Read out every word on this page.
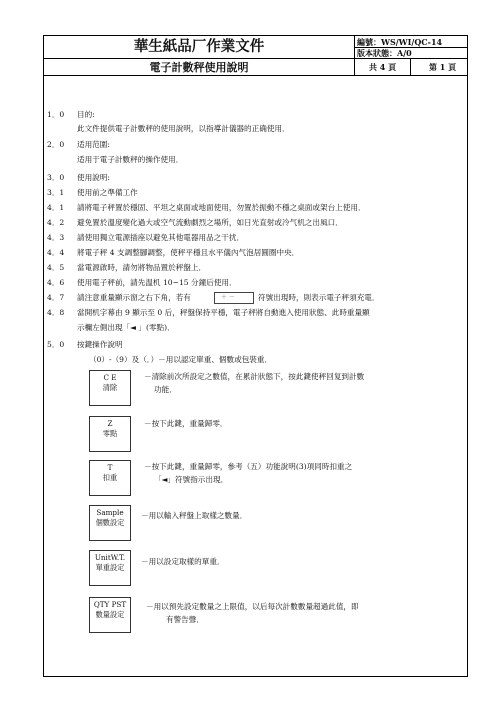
華生紙品厂作業文件
電子計數秤使用說明
編號：WS/WI/QC-14
版本狀態：A/0
共 4 頁	第 1 頁
1．0 目的:
此文件提供電子計數秤的使用說明，以指導計儀器的正确使用．
2．0 适用范圍:
适用于電子計數秤的操作使用．
3．0 使用說明:
3．1 使用前之準備工作
4．1 請將電子秤置於穩固、平坦之桌面或地面使用，勿置於振動不穩之桌面或架台上使用．
4．2 避免置於溫度變化過大或空气流動劇烈之場所，如日光直射或冷气机之出風口．
4．3 請使用獨立電源插座以避免其他電器用品之干扰．
4．4 將電子秤 4 支調整腳調整，使秤平穩且水平儀內气泡居圓圈中央．
4．5 當電源啟時，請勿將物品置於秤盤上．
4．6 使用電子秤前，請先温机 10~15 分鐘后使用．
4．7 請注意重量顯示窗之右下角，若有	＋ －	符號出現時，則表示電子秤須充電．
4．8 當開机字幕由 9 顯示至 0 后，秤盤保持平穩，電子秤將自動進入使用狀態、此時重量顯
示欄左側出現「◄ 」(零點)．
5．0 按鍵操作說明
（0）-（9）及（．）－用以認定單重、個數或包裝重．
C E
清除
－清除前次所設定之數值，在累計狀態下，按此鍵使秤回复到計數
功能．
Z
零點
－按下此鍵，重量歸零．
T
扣重
－按下此鍵，重量歸零，參考（五）功能說明(3)項同時扣重之
「◄」符號指示出現．
Sample
個數設定
－用以輸入秤盤上取樣之數量．
UnitW.T.
單重設定
－用以設定取樣的單重．
QTY PST
數量設定
－用以預先設定數量之上限值，以后每次計數數量超過此值，即
有警告聲．
